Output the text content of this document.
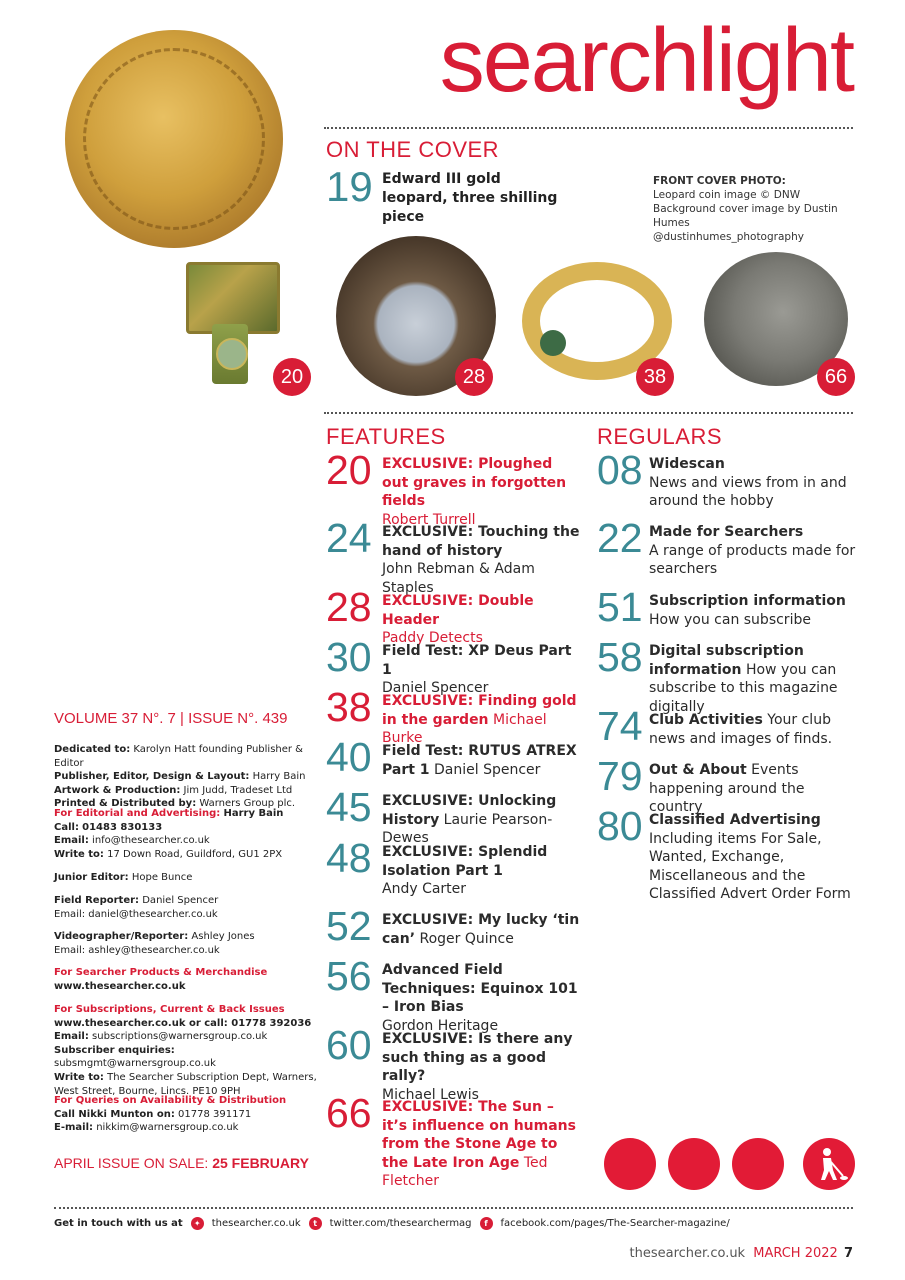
searchlight
ON THE COVER
19 Edward III gold leopard, three shilling piece
FRONT COVER PHOTO:
Leopard coin image © DNW
Background cover image by Dustin Humes
@dustinhumes_photography
20	28	38	66
FEATURES
20 EXCLUSIVE: Ploughed out graves in forgotten fields
Robert Turrell
24 EXCLUSIVE: Touching the hand of history
John Rebman & Adam Staples
28 EXCLUSIVE: Double Header
Paddy Detects
30 Field Test: XP Deus Part 1
Daniel Spencer
38 EXCLUSIVE: Finding gold in the garden Michael Burke
40 Field Test: RUTUS ATREX Part 1 Daniel Spencer
45 EXCLUSIVE: Unlocking History Laurie Pearson-Dewes
48 EXCLUSIVE: Splendid Isolation Part 1
Andy Carter
52 EXCLUSIVE: My lucky ‘tin can’ Roger Quince
56 Advanced Field Techniques: Equinox 101 – Iron Bias
Gordon Heritage
60 EXCLUSIVE: Is there any such thing as a good rally?
Michael Lewis
66 EXCLUSIVE: The Sun – it’s influence on humans from the Stone Age to the Late Iron Age Ted Fletcher
REGULARS
08 Widescan
News and views from in and around the hobby
22 Made for Searchers
A range of products made for searchers
51 Subscription information
How you can subscribe
58 Digital subscription information How you can subscribe to this magazine digitally
74 Club Activities Your club news and images of finds.
79 Out & About Events happening around the country
80 Classified Advertising
Including items For Sale, Wanted, Exchange, Miscellaneous and the Classified Advert Order Form
VOLUME 37 N°. 7 | ISSUE N°. 439
Dedicated to: Karolyn Hatt founding Publisher & Editor
Publisher, Editor, Design & Layout: Harry Bain
Artwork & Production: Jim Judd, Tradeset Ltd
Printed & Distributed by: Warners Group plc.
For Editorial and Advertising: Harry Bain
Call: 01483 830133
Email: info@thesearcher.co.uk
Write to: 17 Down Road, Guildford, GU1 2PX
Junior Editor: Hope Bunce
Field Reporter: Daniel Spencer
Email: daniel@thesearcher.co.uk
Videographer/Reporter: Ashley Jones
Email: ashley@thesearcher.co.uk
For Searcher Products & Merchandise
www.thesearcher.co.uk
For Subscriptions, Current & Back Issues
www.thesearcher.co.uk or call: 01778 392036
Email: subscriptions@warnersgroup.co.uk
Subscriber enquiries: subsmgmt@warnersgroup.co.uk
Write to: The Searcher Subscription Dept, Warners, West Street, Bourne, Lincs. PE10 9PH
For Queries on Availability & Distribution
Call Nikki Munton on: 01778 391171
E-mail: nikkim@warnersgroup.co.uk
APRIL ISSUE ON SALE: 25 FEBRUARY
Get in touch with us at	✦	thesearcher.co.uk	t	twitter.com/thesearchermag	f	facebook.com/pages/The-Searcher-magazine/
thesearcher.co.uk MARCH 2022 7
